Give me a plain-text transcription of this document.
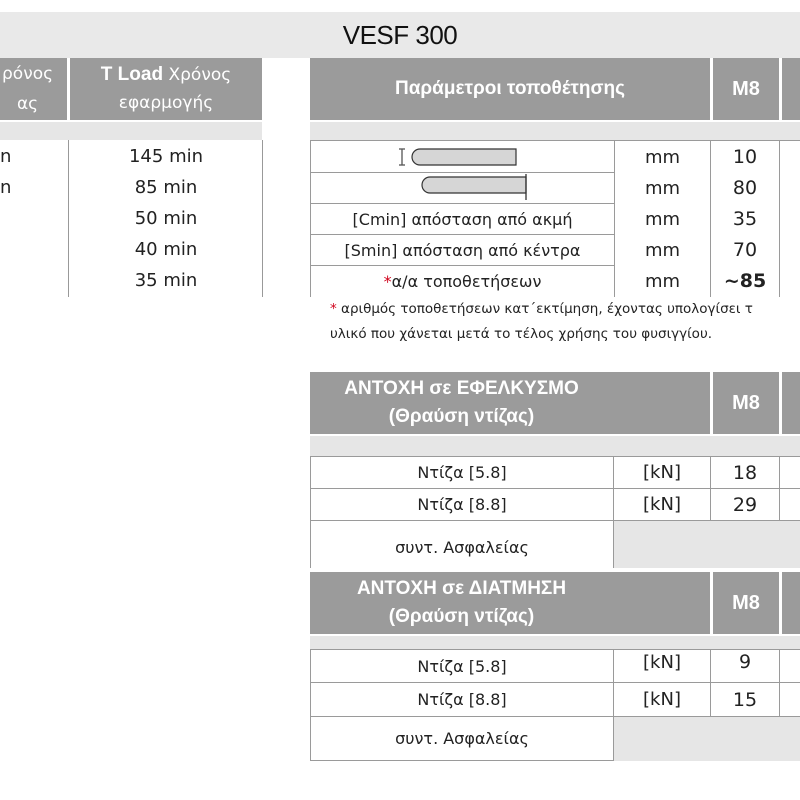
VESF 300
ρόνος
ας
T Load Χρόνος
εφαρμογής
n	145 min
n	85 min
50 min
40 min
35 min
Παράμετροι τοποθέτησης	M8
mm	10
mm	80
[Cmin] απόσταση από ακμή	mm	35
[Smin] απόσταση από κέντρα	mm	70
* α/α τοποθετήσεων	mm	~85
* αριθμός τοποθετήσεων κατ΄εκτίμηση, έχοντας υπολογίσει τ
υλικό που χάνεται μετά το τέλος χρήσης του φυσιγγίου.
ΑΝΤΟΧΗ σε ΕΦΕΛΚΥΣΜΟ
(Θραύση ντίζας)
M8
Ντίζα [5.8]	[kN]	18
Ντίζα [8.8]	[kN]	29
συντ. Ασφαλείας
ΑΝΤΟΧΗ σε ΔΙΑΤΜΗΣΗ
(Θραύση ντίζας)
M8
Ντίζα [5.8]	[kN]	9
Ντίζα [8.8]	[kN]	15
συντ. Ασφαλείας
